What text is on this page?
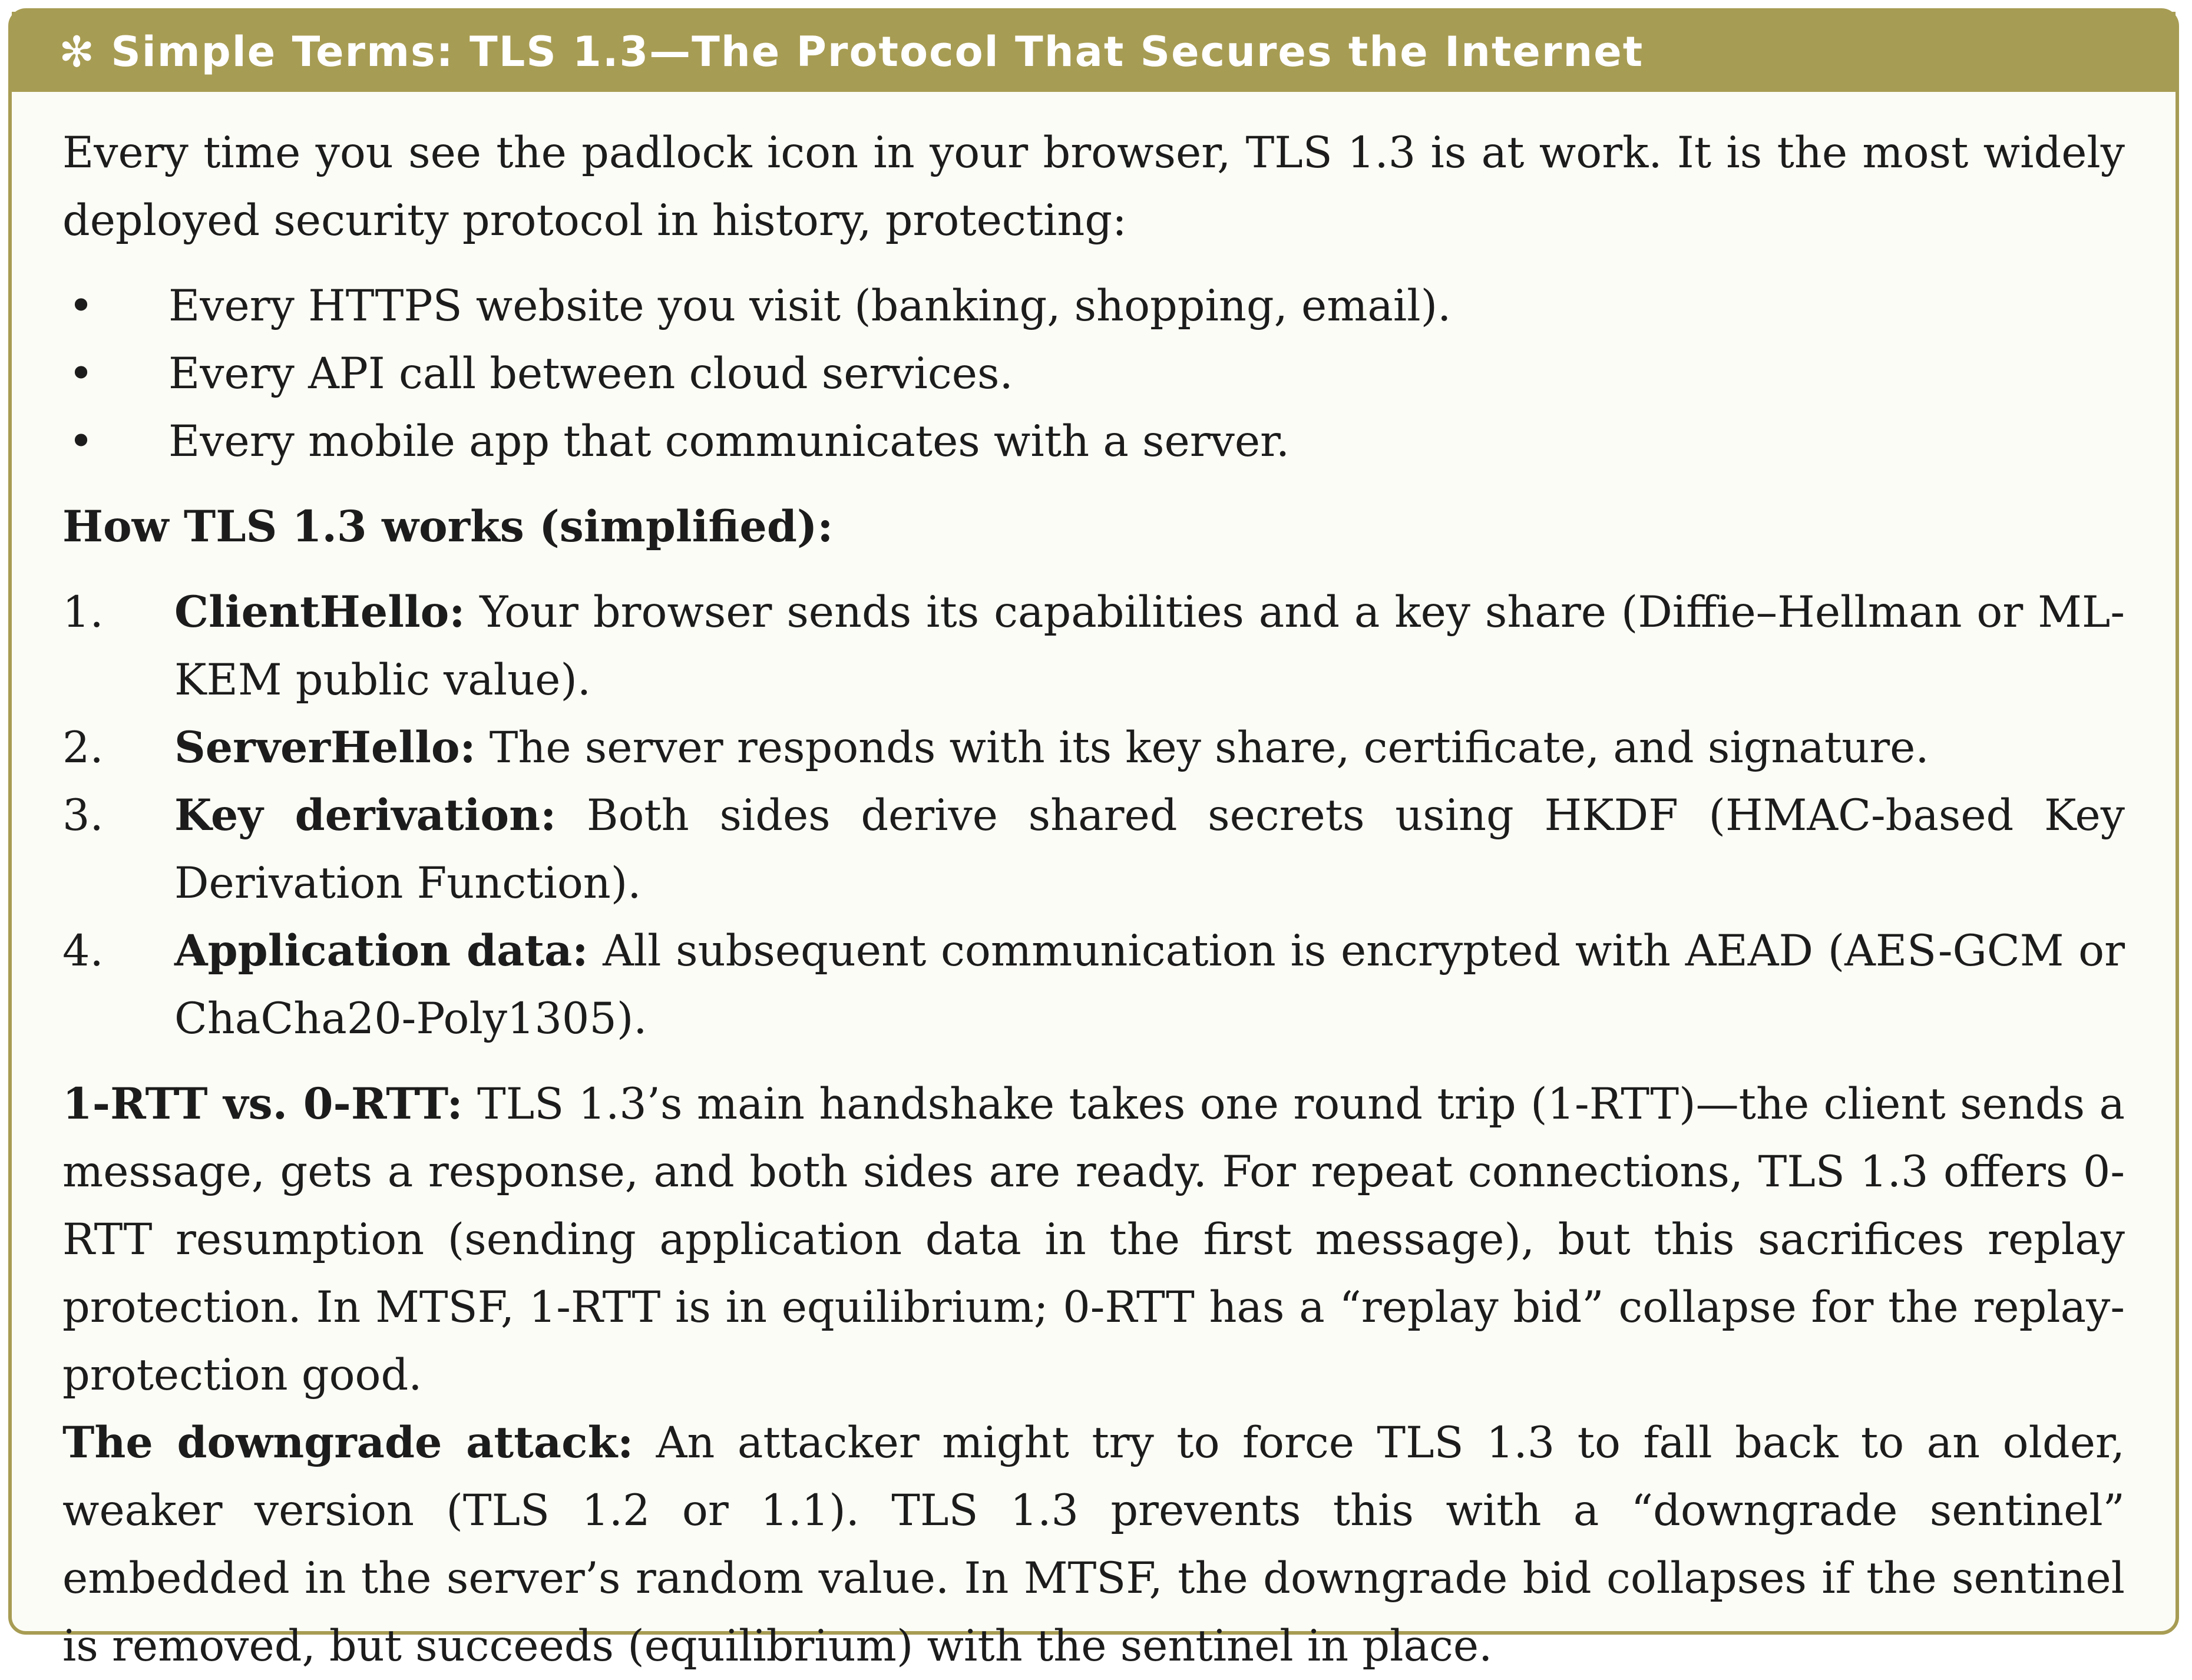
✻ Simple Terms: TLS 1.3—The Protocol That Secures the Internet

Every time you see the padlock icon in your browser, TLS 1.3 is at work. It is the most widely deployed security protocol in history, protecting:

• Every HTTPS website you visit (banking, shopping, email).
• Every API call between cloud services.
• Every mobile app that communicates with a server.

How TLS 1.3 works (simplified):

1. ClientHello: Your browser sends its capabilities and a key share (Diffie–Hellman or ML-KEM public value).
2. ServerHello: The server responds with its key share, certificate, and signature.
3. Key derivation: Both sides derive shared secrets using HKDF (HMAC-based Key Derivation Function).
4. Application data: All subsequent communication is encrypted with AEAD (AES-GCM or ChaCha20-Poly1305).

1-RTT vs. 0-RTT: TLS 1.3’s main handshake takes one round trip (1-RTT)—the client sends a message, gets a response, and both sides are ready. For repeat connections, TLS 1.3 offers 0-RTT resumption (sending application data in the first message), but this sacrifices replay protection. In MTSF, 1-RTT is in equilibrium; 0-RTT has a “replay bid” collapse for the replay-protection good.

The downgrade attack: An attacker might try to force TLS 1.3 to fall back to an older, weaker version (TLS 1.2 or 1.1). TLS 1.3 prevents this with a “downgrade sentinel” embedded in the server’s random value. In MTSF, the downgrade bid collapses if the sentinel is removed, but succeeds (equilibrium) with the sentinel in place.
